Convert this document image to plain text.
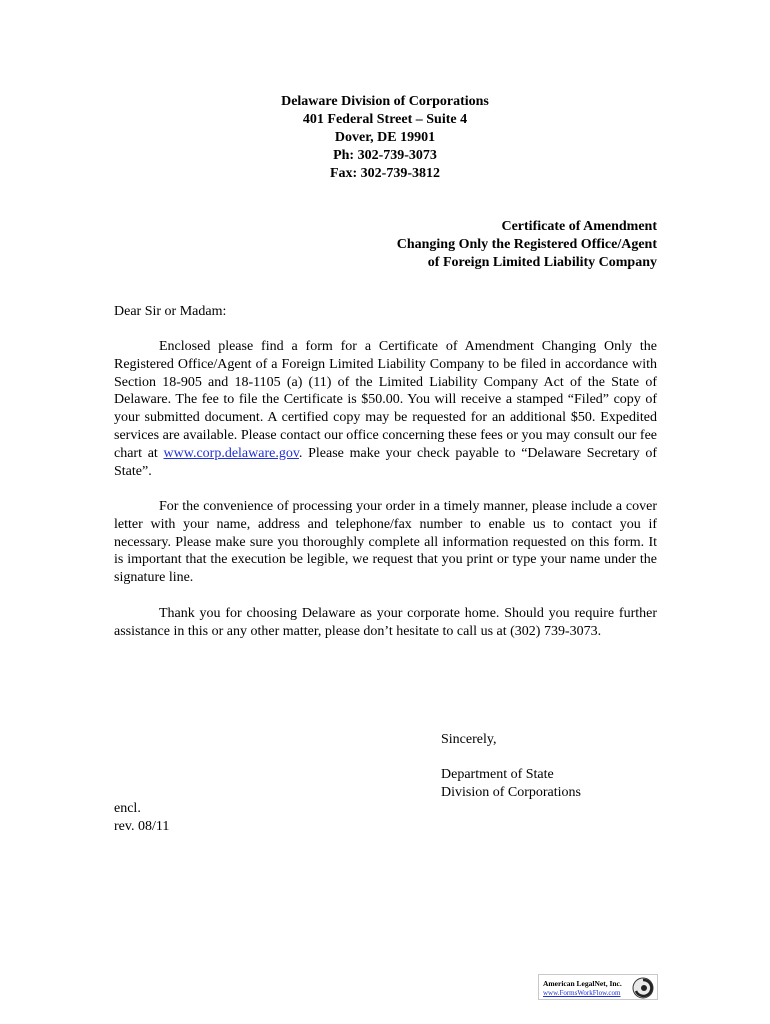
Delaware Division of Corporations
401 Federal Street – Suite 4
Dover, DE 19901
Ph: 302-739-3073
Fax: 302-739-3812
Certificate of Amendment
Changing Only the Registered Office/Agent
of Foreign Limited Liability Company
Dear Sir or Madam:

Enclosed please find a form for a Certificate of Amendment Changing Only the Registered Office/Agent of a Foreign Limited Liability Company to be filed in accordance with Section 18-905 and 18-1105 (a) (11) of the Limited Liability Company Act of the State of Delaware. The fee to file the Certificate is $50.00. You will receive a stamped “Filed” copy of your submitted document. A certified copy may be requested for an additional $50. Expedited services are available. Please contact our office concerning these fees or you may consult our fee chart at www.corp.delaware.gov. Please make your check payable to “Delaware Secretary of State”.

For the convenience of processing your order in a timely manner, please include a cover letter with your name, address and telephone/fax number to enable us to contact you if necessary. Please make sure you thoroughly complete all information requested on this form. It is important that the execution be legible, we request that you print or type your name under the signature line.

Thank you for choosing Delaware as your corporate home. Should you require further assistance in this or any other matter, please don’t hesitate to call us at (302) 739-3073.

Sincerely,
Department of State
Division of Corporations
encl.
rev. 08/11
American LegalNet, Inc.
www.FormsWorkFlow.com
